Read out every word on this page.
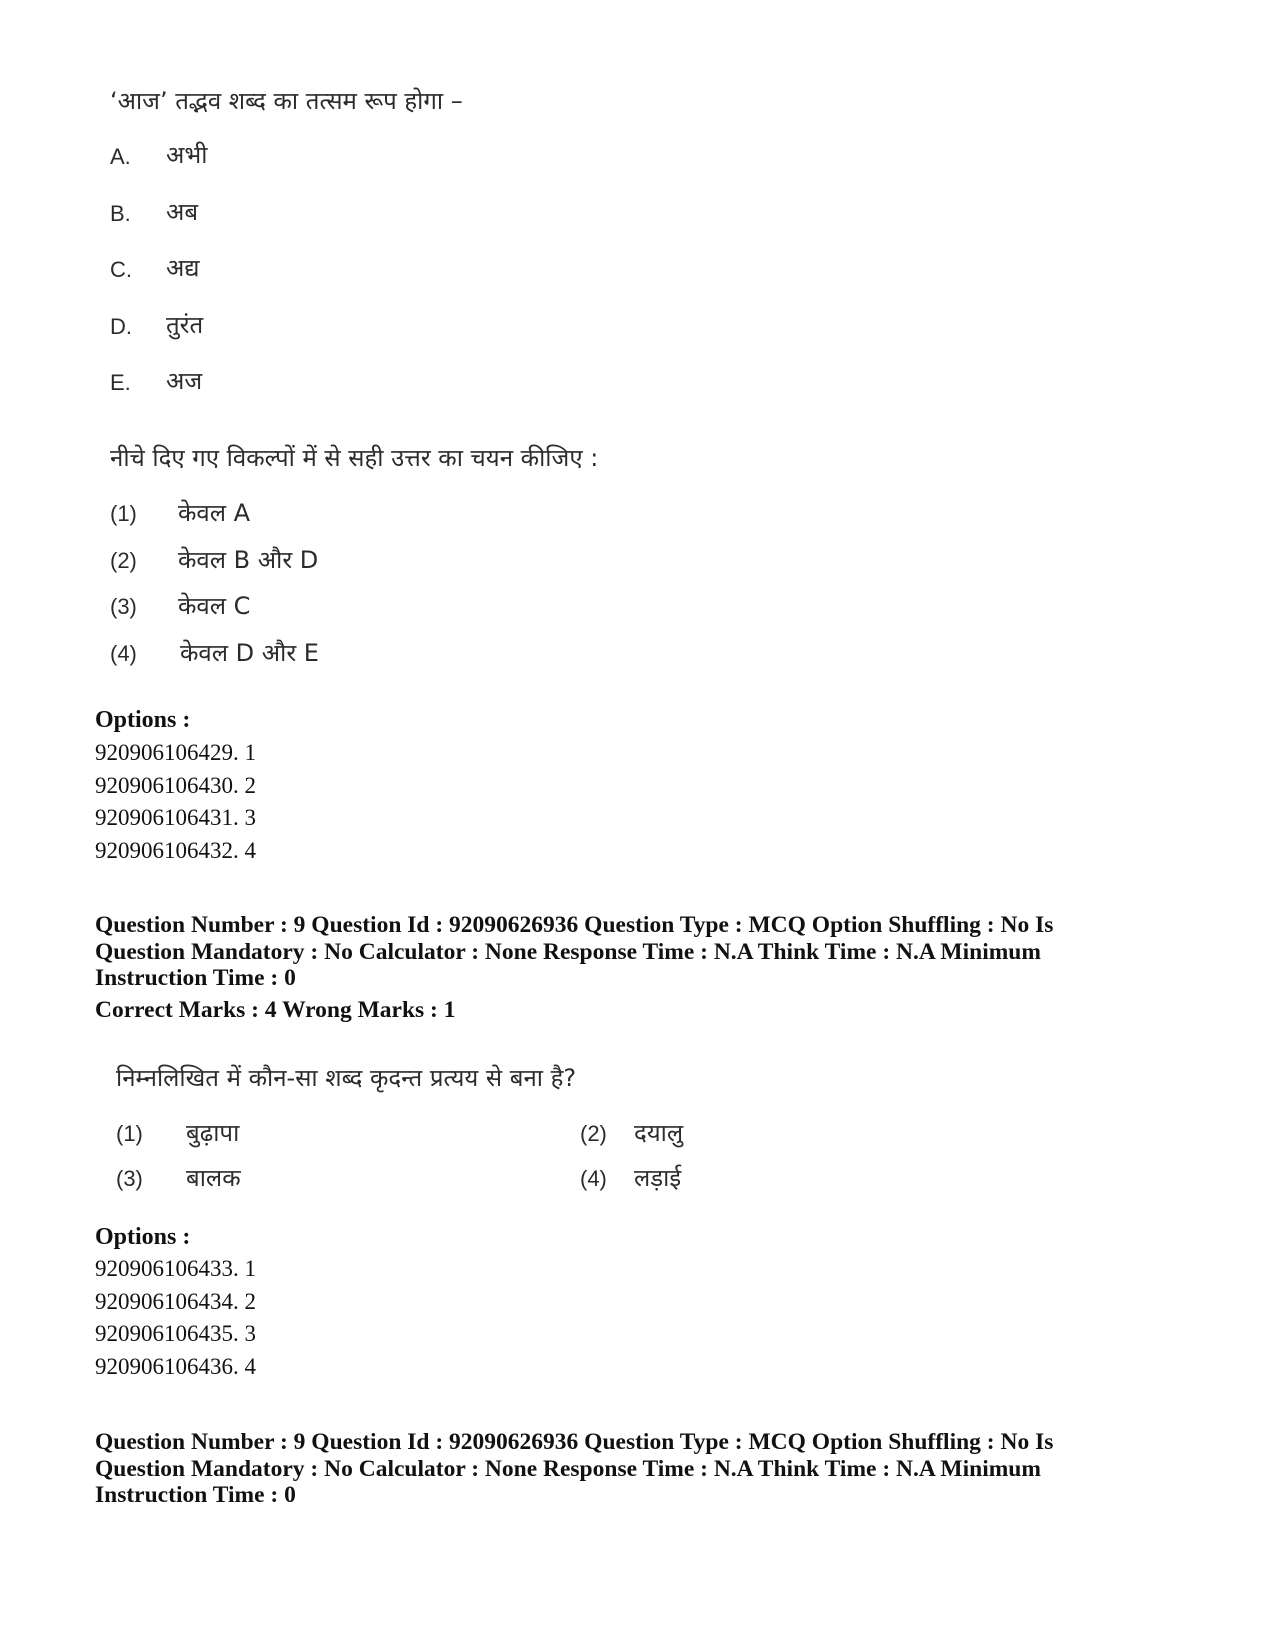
‘आज’ तद्भव शब्द का तत्सम रूप होगा –
A. अभी
B. अब
C. अद्य
D. तुरंत
E. अज
नीचे दिए गए विकल्पों में से सही उत्तर का चयन कीजिए :
(1) केवल A
(2) केवल B और D
(3) केवल C
(4) केवल D और E
Options :
920906106429. 1
920906106430. 2
920906106431. 3
920906106432. 4
Question Number : 9 Question Id : 92090626936 Question Type : MCQ Option Shuffling : No Is
Question Mandatory : No Calculator : None Response Time : N.A Think Time : N.A Minimum
Instruction Time : 0
Correct Marks : 4 Wrong Marks : 1
निम्नलिखित में कौन-सा शब्द कृदन्त प्रत्यय से बना है?
(1) बुढ़ापा	(2) दयालु
(3) बालक	(4) लड़ाई
Options :
920906106433. 1
920906106434. 2
920906106435. 3
920906106436. 4
Question Number : 9 Question Id : 92090626936 Question Type : MCQ Option Shuffling : No Is
Question Mandatory : No Calculator : None Response Time : N.A Think Time : N.A Minimum
Instruction Time : 0
